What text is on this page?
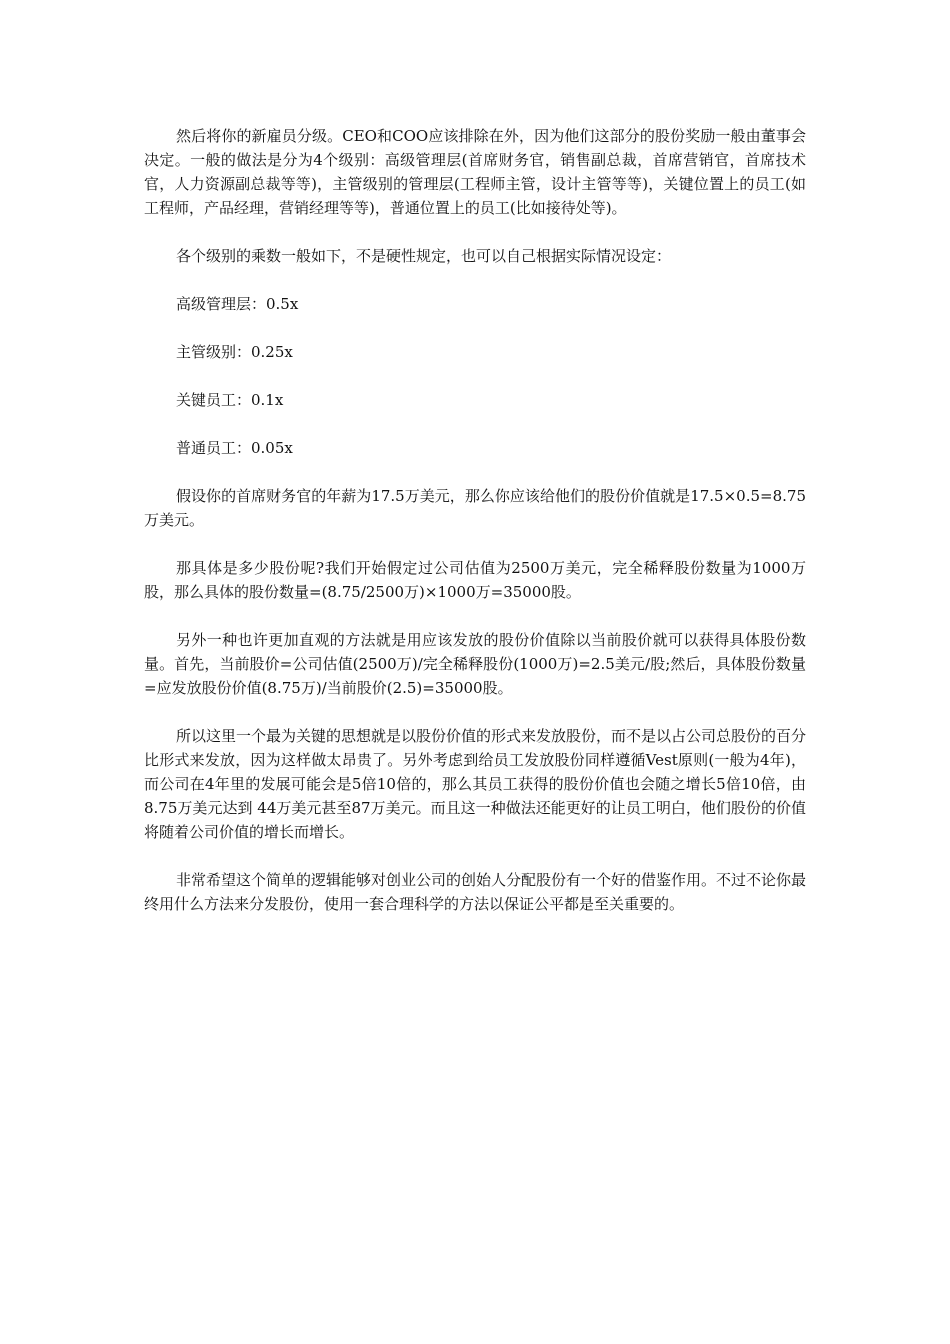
然后将你的新雇员分级。CEO和COO应该排除在外，因为他们这部分的股份奖励一般由董事会决定。一般的做法是分为4个级别：高级管理层(首席财务官，销售副总裁，首席营销官，首席技术官，人力资源副总裁等等)，主管级别的管理层(工程师主管，设计主管等等)，关键位置上的员工(如工程师，产品经理，营销经理等等)，普通位置上的员工(比如接待处等)。

各个级别的乘数一般如下，不是硬性规定，也可以自己根据实际情况设定：

高级管理层：0.5x

主管级别：0.25x

关键员工：0.1x

普通员工：0.05x

假设你的首席财务官的年薪为17.5万美元，那么你应该给他们的股份价值就是17.5×0.5=8.75万美元。

那具体是多少股份呢?我们开始假定过公司估值为2500万美元，完全稀释股份数量为1000万股，那么具体的股份数量=(8.75/2500万)×1000万=35000股。

另外一种也许更加直观的方法就是用应该发放的股份价值除以当前股价就可以获得具体股份数量。首先，当前股价=公司估值(2500万)/完全稀释股份(1000万)=2.5美元/股;然后，具体股份数量=应发放股份价值(8.75万)/当前股价(2.5)=35000股。

所以这里一个最为关键的思想就是以股份价值的形式来发放股份，而不是以占公司总股份的百分比形式来发放，因为这样做太昂贵了。另外考虑到给员工发放股份同样遵循Vest原则(一般为4年)，而公司在4年里的发展可能会是5倍10倍的，那么其员工获得的股份价值也会随之增长5倍10倍，由8.75万美元达到 44万美元甚至87万美元。而且这一种做法还能更好的让员工明白，他们股份的价值将随着公司价值的增长而增长。

非常希望这个简单的逻辑能够对创业公司的创始人分配股份有一个好的借鉴作用。不过不论你最终用什么方法来分发股份，使用一套合理科学的方法以保证公平都是至关重要的。
